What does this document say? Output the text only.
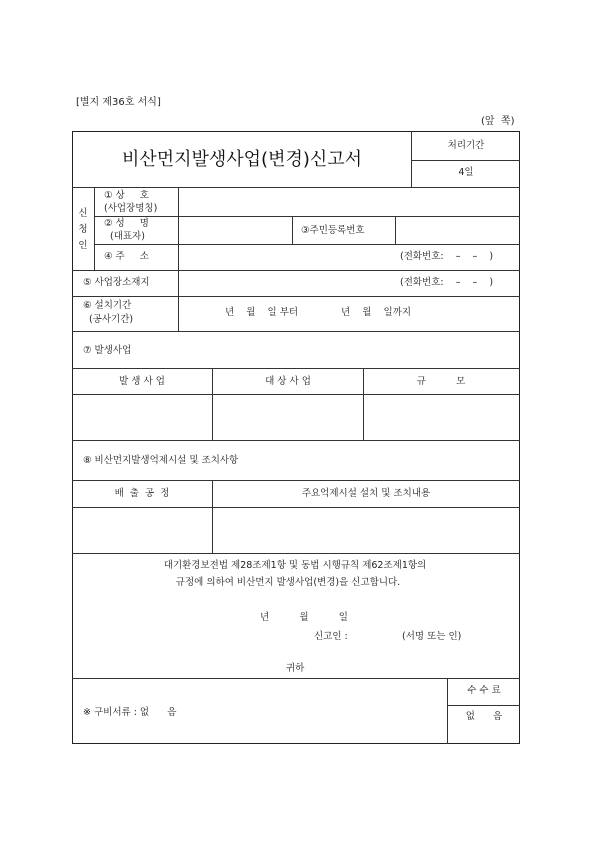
[별지 제36호 서식]
(앞  쪽)
비산먼지발생사업(변경)신고서
처리기간
4일
신
청
인
① 상     호
(사업장명칭)
② 성     명
(대표자)
③주민등록번호
④ 주     소	(전화번호:    –    –    )
⑤ 사업장소재지	(전화번호:    –    –    )
⑥ 설치기간
(공사기간)
년    월    일 부터	년    월    일까지
⑦ 발생사업
발 생 사 업	대 상 사 업	규          모
⑧ 비산먼지발생억제시설 및 조치사항
배  출  공  정	주요억제시설 설치 및 조치내용
대기환경보전법 제28조제1항 및 동법 시행규칙 제62조제1항의
규정에 의하여 비산먼지 발생사업(변경)을 신고합니다.
년          월          일
신고인 :	(서명 또는 인)
귀하
※ 구비서류 : 없      음
수 수 료
없      음
